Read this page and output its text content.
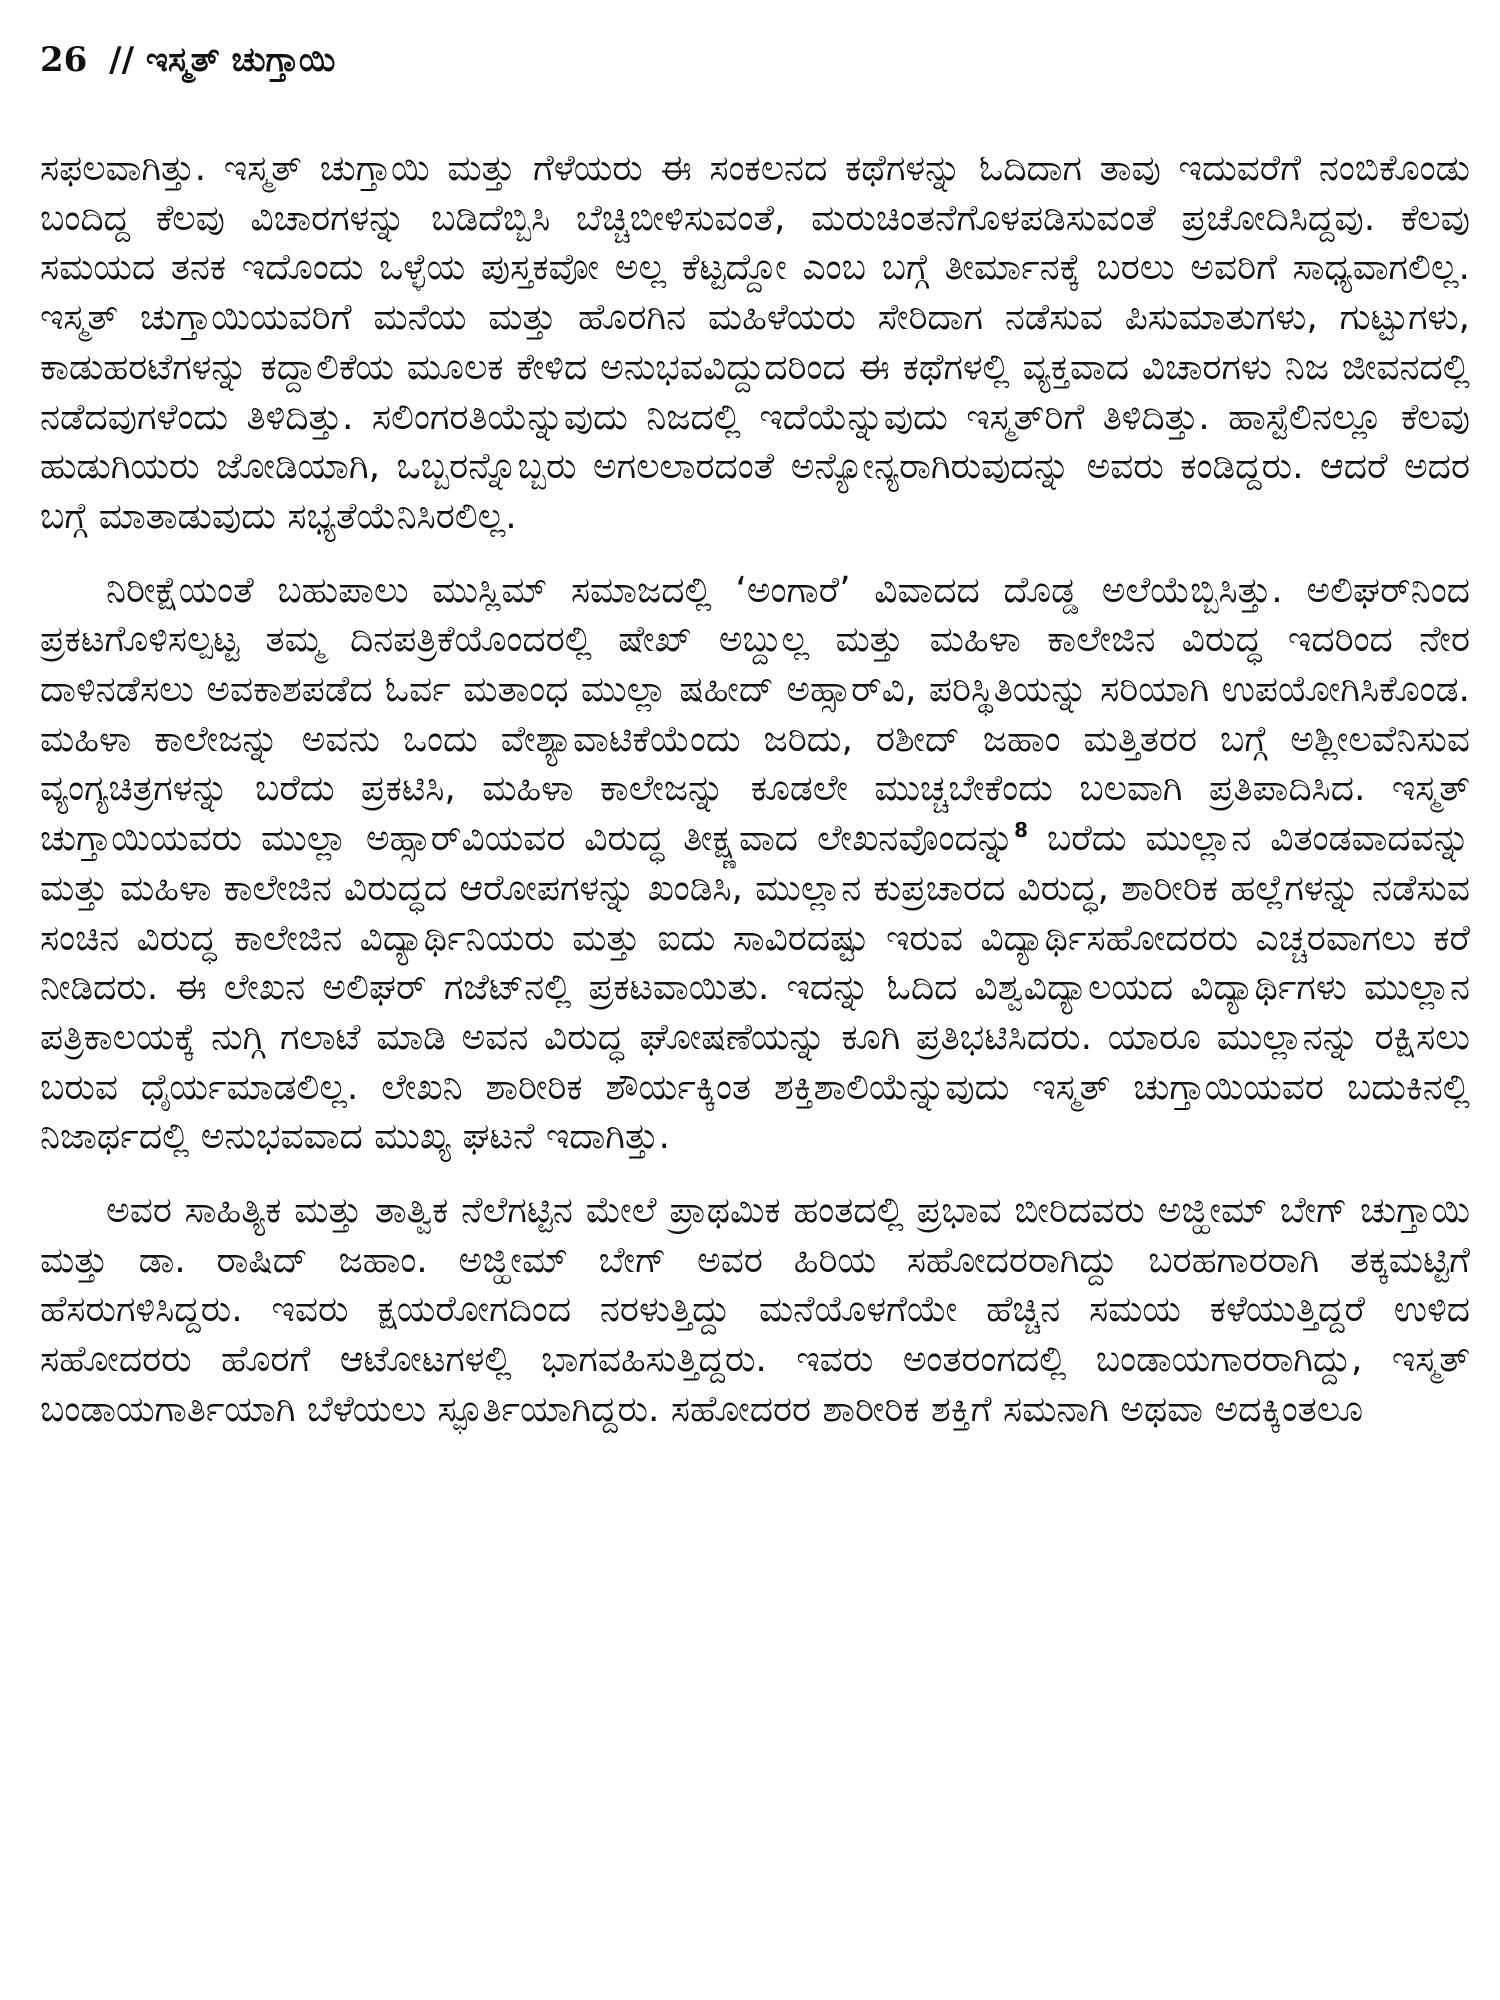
26 // ಇಸ್ಮತ್ ಚುಗ್ತಾಯಿ

ಸಫಲವಾಗಿತ್ತು. ಇಸ್ಮತ್ ಚುಗ್ತಾಯಿ ಮತ್ತು ಗೆಳೆಯರು ಈ ಸಂಕಲನದ ಕಥೆಗಳನ್ನು ಓದಿದಾಗ ತಾವು ಇದುವರೆಗೆ ನಂಬಿಕೊಂಡು ಬಂದಿದ್ದ ಕೆಲವು ವಿಚಾರಗಳನ್ನು ಬಡಿದೆಬ್ಬಿಸಿ ಬೆಚ್ಚಿಬೀಳಿಸುವಂತೆ, ಮರುಚಿಂತನೆಗೊಳಪಡಿಸುವಂತೆ ಪ್ರಚೋದಿಸಿದ್ದವು. ಕೆಲವು ಸಮಯದ ತನಕ ಇದೊಂದು ಒಳ್ಳೆಯ ಪುಸ್ತಕವೋ ಅಲ್ಲ ಕೆಟ್ಟದ್ದೋ ಎಂಬ ಬಗ್ಗೆ ತೀರ್ಮಾನಕ್ಕೆ ಬರಲು ಅವರಿಗೆ ಸಾಧ್ಯವಾಗಲಿಲ್ಲ. ಇಸ್ಮತ್ ಚುಗ್ತಾಯಿಯವರಿಗೆ ಮನೆಯ ಮತ್ತು ಹೊರಗಿನ ಮಹಿಳೆಯರು ಸೇರಿದಾಗ ನಡೆಸುವ ಪಿಸುಮಾತುಗಳು, ಗುಟ್ಟುಗಳು, ಕಾಡುಹರಟೆಗಳನ್ನು ಕದ್ದಾಲಿಕೆಯ ಮೂಲಕ ಕೇಳಿದ ಅನುಭವವಿದ್ದುದರಿಂದ ಈ ಕಥೆಗಳಲ್ಲಿ ವ್ಯಕ್ತವಾದ ವಿಚಾರಗಳು ನಿಜ ಜೀವನದಲ್ಲಿ ನಡೆದವುಗಳೆಂದು ತಿಳಿದಿತ್ತು. ಸಲಿಂಗರತಿಯೆನ್ನುವುದು ನಿಜದಲ್ಲಿ ಇದೆಯೆನ್ನುವುದು ಇಸ್ಮತ್‌ರಿಗೆ ತಿಳಿದಿತ್ತು. ಹಾಸ್ಟೆಲಿನಲ್ಲೂ ಕೆಲವು ಹುಡುಗಿಯರು ಜೋಡಿಯಾಗಿ, ಒಬ್ಬರನ್ನೊಬ್ಬರು ಅಗಲಲಾರದಂತೆ ಅನ್ಯೋನ್ಯರಾಗಿರುವುದನ್ನು ಅವರು ಕಂಡಿದ್ದರು. ಆದರೆ ಅದರ ಬಗ್ಗೆ ಮಾತಾಡುವುದು ಸಭ್ಯತೆಯೆನಿಸಿರಲಿಲ್ಲ.

ನಿರೀಕ್ಷೆಯಂತೆ ಬಹುಪಾಲು ಮುಸ್ಲಿಮ್ ಸಮಾಜದಲ್ಲಿ ‘ಅಂಗಾರೆ’ ವಿವಾದದ ದೊಡ್ಡ ಅಲೆಯೆಬ್ಬಿಸಿತ್ತು. ಅಲಿಘರ್‌ನಿಂದ ಪ್ರಕಟಗೊಳಿಸಲ್ಪಟ್ಟ ತಮ್ಮ ದಿನಪತ್ರಿಕೆಯೊಂದರಲ್ಲಿ ಷೇಖ್ ಅಬ್ದುಲ್ಲ ಮತ್ತು ಮಹಿಳಾ ಕಾಲೇಜಿನ ವಿರುದ್ಧ ಇದರಿಂದ ನೇರ ದಾಳಿನಡೆಸಲು ಅವಕಾಶಪಡೆದ ಓರ್ವ ಮತಾಂಧ ಮುಲ್ಲಾ ಷಹೀದ್ ಅಹ್ಸಾರ್‌ವಿ, ಪರಿಸ್ಥಿತಿಯನ್ನು ಸರಿಯಾಗಿ ಉಪಯೋಗಿಸಿಕೊಂಡ. ಮಹಿಳಾ ಕಾಲೇಜನ್ನು ಅವನು ಒಂದು ವೇಶ್ಯಾವಾಟಿಕೆಯೆಂದು ಜರಿದು, ರಶೀದ್ ಜಹಾಂ ಮತ್ತಿತರರ ಬಗ್ಗೆ ಅಶ್ಲೀಲವೆನಿಸುವ ವ್ಯಂಗ್ಯಚಿತ್ರಗಳನ್ನು ಬರೆದು ಪ್ರಕಟಿಸಿ, ಮಹಿಳಾ ಕಾಲೇಜನ್ನು ಕೂಡಲೇ ಮುಚ್ಚಬೇಕೆಂದು ಬಲವಾಗಿ ಪ್ರತಿಪಾದಿಸಿದ. ಇಸ್ಮತ್ ಚುಗ್ತಾಯಿಯವರು ಮುಲ್ಲಾ ಅಹ್ಸಾರ್‌ವಿಯವರ ವಿರುದ್ಧ ತೀಕ್ಷ್ಣವಾದ ಲೇಖನವೊಂದನ್ನು$^8$ ಬರೆದು ಮುಲ್ಲಾನ ವಿತಂಡವಾದವನ್ನು ಮತ್ತು ಮಹಿಳಾ ಕಾಲೇಜಿನ ವಿರುದ್ಧದ ಆರೋಪಗಳನ್ನು ಖಂಡಿಸಿ, ಮುಲ್ಲಾನ ಕುಪ್ರಚಾರದ ವಿರುದ್ಧ, ಶಾರೀರಿಕ ಹಲ್ಲೆಗಳನ್ನು ನಡೆಸುವ ಸಂಚಿನ ವಿರುದ್ಧ ಕಾಲೇಜಿನ ವಿದ್ಯಾರ್ಥಿನಿಯರು ಮತ್ತು ಐದು ಸಾವಿರದಷ್ಟು ಇರುವ ವಿದ್ಯಾರ್ಥಿಸಹೋದರರು ಎಚ್ಚರವಾಗಲು ಕರೆ ನೀಡಿದರು. ಈ ಲೇಖನ ಅಲಿಘರ್ ಗಜೆಟ್‌ನಲ್ಲಿ ಪ್ರಕಟವಾಯಿತು. ಇದನ್ನು ಓದಿದ ವಿಶ್ವವಿದ್ಯಾಲಯದ ವಿದ್ಯಾರ್ಥಿಗಳು ಮುಲ್ಲಾನ ಪತ್ರಿಕಾಲಯಕ್ಕೆ ನುಗ್ಗಿ ಗಲಾಟೆ ಮಾಡಿ ಅವನ ವಿರುದ್ಧ ಘೋಷಣೆಯನ್ನು ಕೂಗಿ ಪ್ರತಿಭಟಿಸಿದರು. ಯಾರೂ ಮುಲ್ಲಾನನ್ನು ರಕ್ಷಿಸಲು ಬರುವ ಧೈರ್ಯಮಾಡಲಿಲ್ಲ. ಲೇಖನಿ ಶಾರೀರಿಕ ಶೌರ್ಯಕ್ಕಿಂತ ಶಕ್ತಿಶಾಲಿಯೆನ್ನುವುದು ಇಸ್ಮತ್ ಚುಗ್ತಾಯಿಯವರ ಬದುಕಿನಲ್ಲಿ ನಿಜಾರ್ಥದಲ್ಲಿ ಅನುಭವವಾದ ಮುಖ್ಯ ಘಟನೆ ಇದಾಗಿತ್ತು.

ಅವರ ಸಾಹಿತ್ಯಿಕ ಮತ್ತು ತಾತ್ವಿಕ ನೆಲೆಗಟ್ಟಿನ ಮೇಲೆ ಪ್ರಾಥಮಿಕ ಹಂತದಲ್ಲಿ ಪ್ರಭಾವ ಬೀರಿದವರು ಅಜ್ಹೀಮ್ ಬೇಗ್ ಚುಗ್ತಾಯಿ ಮತ್ತು ಡಾ. ರಾಷಿದ್ ಜಹಾಂ. ಅಜ್ಹೀಮ್ ಬೇಗ್ ಅವರ ಹಿರಿಯ ಸಹೋದರರಾಗಿದ್ದು ಬರಹಗಾರರಾಗಿ ತಕ್ಕಮಟ್ಟಿಗೆ ಹೆಸರುಗಳಿಸಿದ್ದರು. ಇವರು ಕ್ಷಯರೋಗದಿಂದ ನರಳುತ್ತಿದ್ದು ಮನೆಯೊಳಗೆಯೇ ಹೆಚ್ಚಿನ ಸಮಯ ಕಳೆಯುತ್ತಿದ್ದರೆ ಉಳಿದ ಸಹೋದರರು ಹೊರಗೆ ಆಟೋಟಗಳಲ್ಲಿ ಭಾಗವಹಿಸುತ್ತಿದ್ದರು. ಇವರು ಅಂತರಂಗದಲ್ಲಿ ಬಂಡಾಯಗಾರರಾಗಿದ್ದು, ಇಸ್ಮತ್ ಬಂಡಾಯಗಾರ್ತಿಯಾಗಿ ಬೆಳೆಯಲು ಸ್ಫೂರ್ತಿಯಾಗಿದ್ದರು. ಸಹೋದರರ ಶಾರೀರಿಕ ಶಕ್ತಿಗೆ ಸಮನಾಗಿ ಅಥವಾ ಅದಕ್ಕಿಂತಲೂ
